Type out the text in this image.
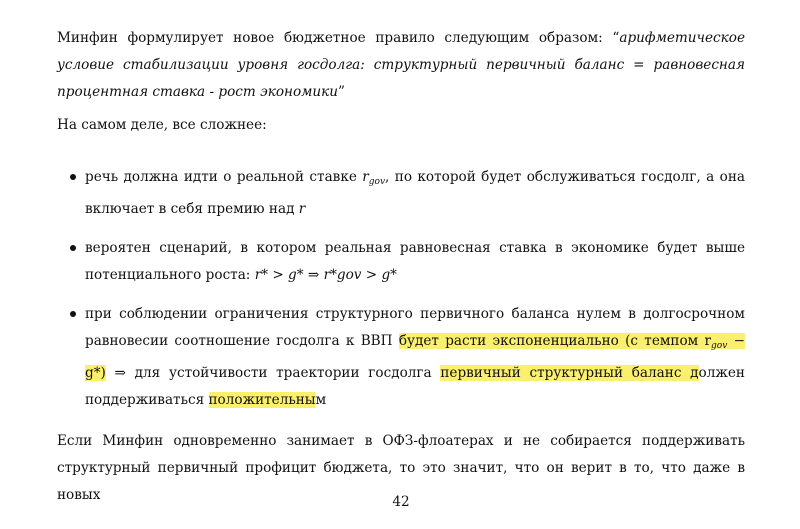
Минфин формулирует новое бюджетное правило следующим образом: “арифметическое условие стабилизации уровня госдолга: структурный первичный баланс = равновесная процентная ставка - рост экономики”

На самом деле, все сложнее:

речь должна идти о реальной ставке $r_{gov}$, по которой будет обслуживаться госдолг, а она включает в себя премию над r
вероятен сценарий, в котором реальная равновесная ставка в экономике будет выше потенциального роста: r* > g* ⇒ r*gov > g*
при соблюдении ограничения структурного первичного баланса нулем в долгосрочном равновесии соотношение госдолга к ВВП будет расти экспоненциально (с темпом $r_{gov} - g*$) ⇒ для устойчивости траектории госдолга первичный структурный баланс должен поддерживаться положительным

Если Минфин одновременно занимает в ОФЗ-флоатерах и не собирается поддерживать структурный первичный профицит бюджета, то это значит, что он верит в то, что даже в новых	42
